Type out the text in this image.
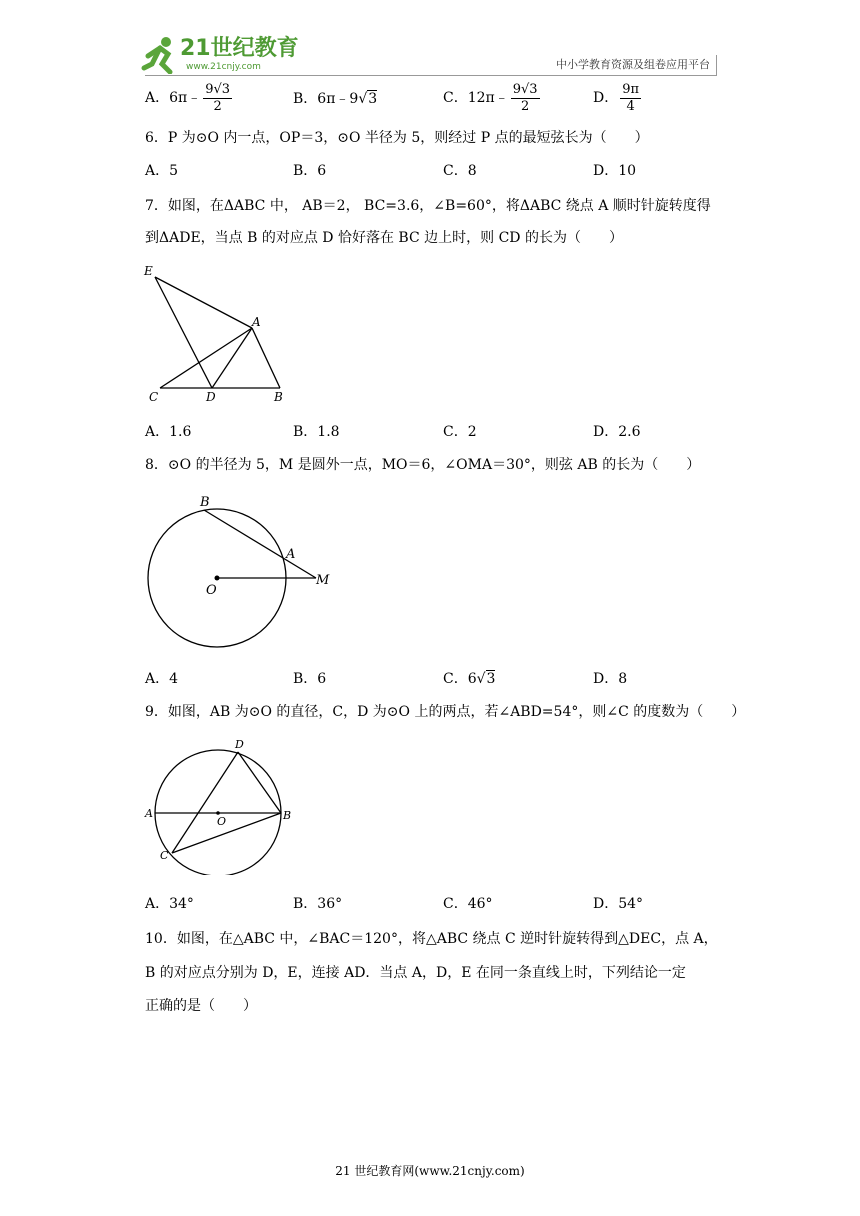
21世纪教育
www.21cnjy.com	中小学教育资源及组卷应用平台
A．6π﹣ $\frac{9√3}{2}$	B．6π﹣9√3	C．12π﹣ $\frac{9√3}{2}$	D． $\frac{9\pi}{4}$
6．P 为⊙O 内一点，OP＝3，⊙O 半径为 5，则经过 P 点的最短弦长为（　　）
A．5	B．6	C．8	D．10
7．如图，在ΔABC 中， AB＝2， BC=3.6，∠B=60°，将ΔABC 绕点 A 顺时针旋转度得
到ΔADE，当点 B 的对应点 D 恰好落在 BC 边上时，则 CD 的长为（　　）
E
A
C	D	B
A．1.6	B．1.8	C．2	D．2.6
8．⊙O 的半径为 5，M 是圆外一点，MO＝6，∠OMA＝30°，则弦 AB 的长为（　　）
B
A
O
M
A．4	B．6	C．6√3	D．8
9．如图，AB 为⊙O 的直径，C，D 为⊙O 上的两点，若∠ABD=54°，则∠C 的度数为（　　）
D
A
O	B
C
A．34°	B．36°	C．46°	D．54°
10．如图，在△ABC 中，∠BAC＝120°，将△ABC 绕点 C 逆时针旋转得到△DEC，点 A，
B 的对应点分别为 D，E，连接 AD．当点 A，D，E 在同一条直线上时，下列结论一定
正确的是（　　）
21 世纪教育网(www.21cnjy.com)
